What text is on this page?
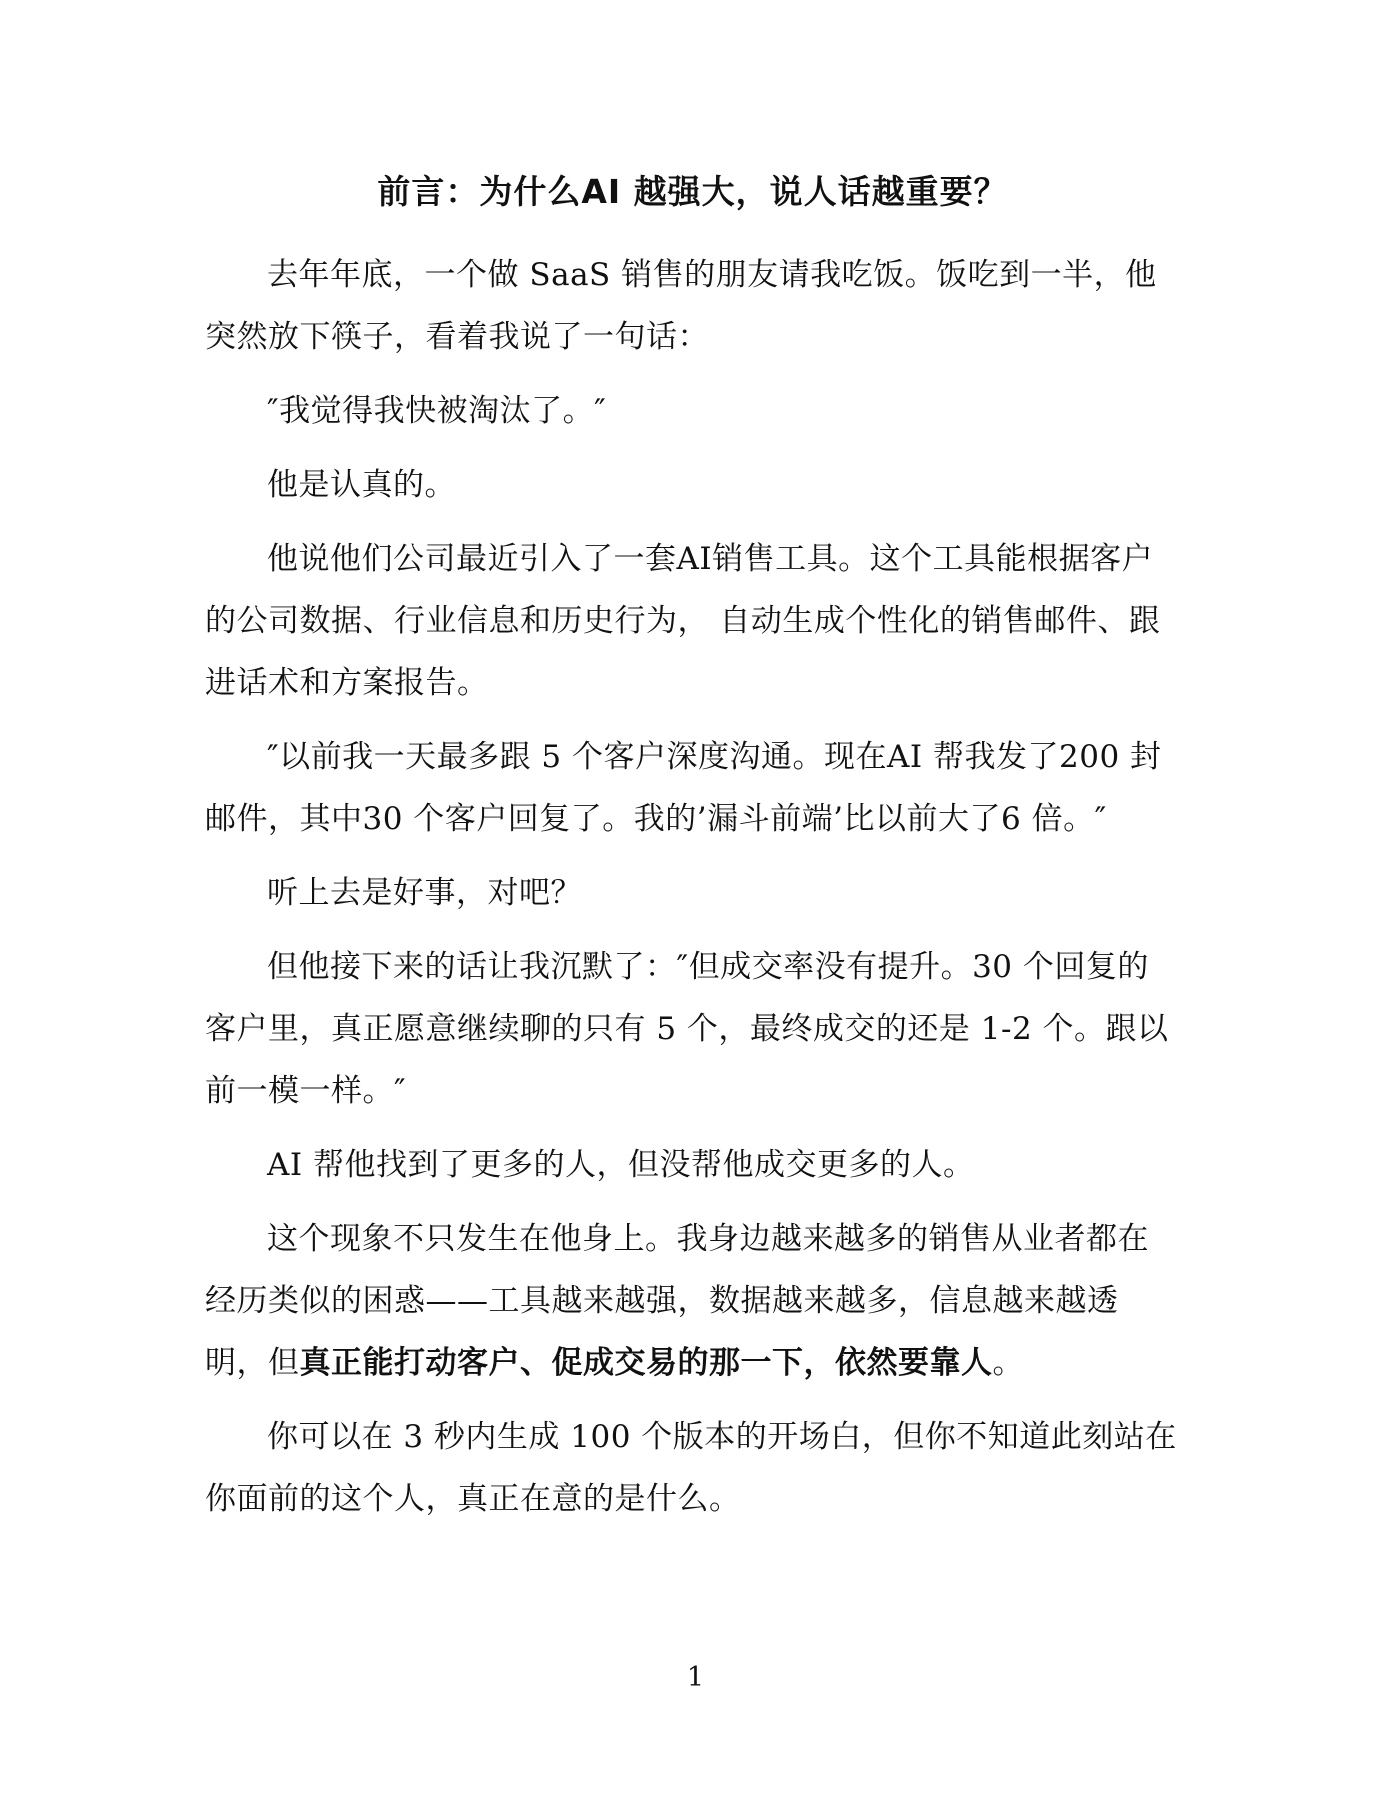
前言：为什么AI 越强大，说人话越重要？

去年年底，一个做 SaaS 销售的朋友请我吃饭。饭吃到一半，他突然放下筷子，看着我说了一句话：

″我觉得我快被淘汰了。″

他是认真的。

他说他们公司最近引入了一套AI销售工具。这个工具能根据客户的公司数据、行业信息和历史行为， 自动生成个性化的销售邮件、跟进话术和方案报告。

″以前我一天最多跟 5 个客户深度沟通。现在AI 帮我发了200 封邮件，其中30 个客户回复了。我的’漏斗前端’比以前大了6 倍。″

听上去是好事，对吧？

但他接下来的话让我沉默了：″但成交率没有提升。30 个回复的客户里，真正愿意继续聊的只有 5 个，最终成交的还是 1-2 个。跟以前一模一样。″

AI 帮他找到了更多的人，但没帮他成交更多的人。

这个现象不只发生在他身上。我身边越来越多的销售从业者都在经历类似的困惑——工具越来越强，数据越来越多，信息越来越透明，但真正能打动客户、促成交易的那一下，依然要靠人。

你可以在 3 秒内生成 100 个版本的开场白，但你不知道此刻站在你面前的这个人，真正在意的是什么。

1
